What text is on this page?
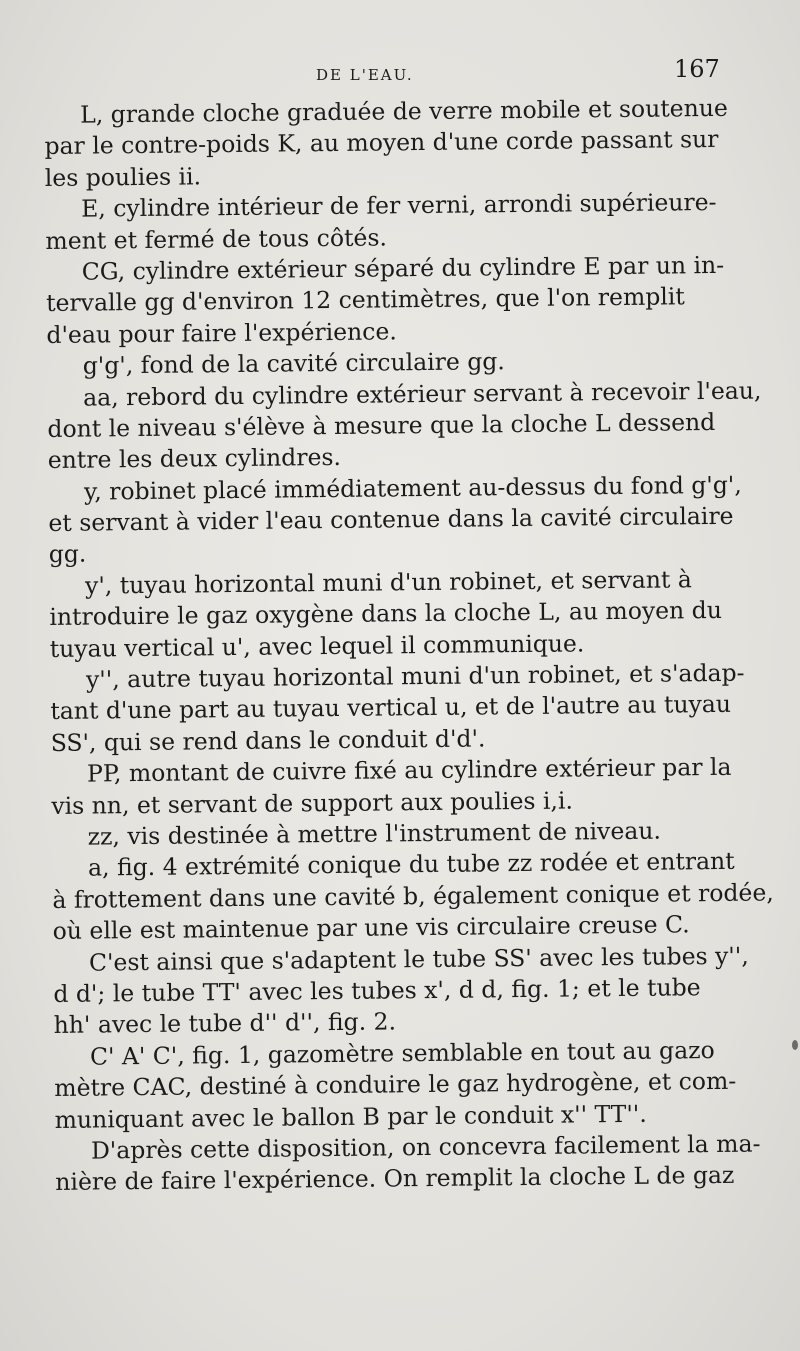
DE L'EAU.	167
L, grande cloche graduée de verre mobile et soutenue
par le contre-poids K, au moyen d'une corde passant sur
les poulies ii.
E, cylindre intérieur de fer verni, arrondi supérieure-
ment et fermé de tous côtés.
CG, cylindre extérieur séparé du cylindre E par un in-
tervalle gg d'environ 12 centimètres, que l'on remplit
d'eau pour faire l'expérience.
g'g', fond de la cavité circulaire gg.
aa, rebord du cylindre extérieur servant à recevoir l'eau,
dont le niveau s'élève à mesure que la cloche L dessend
entre les deux cylindres.
y, robinet placé immédiatement au-dessus du fond g'g',
et servant à vider l'eau contenue dans la cavité circulaire
gg.
y', tuyau horizontal muni d'un robinet, et servant à
introduire le gaz oxygène dans la cloche L, au moyen du
tuyau vertical u', avec lequel il communique.
y'', autre tuyau horizontal muni d'un robinet, et s'adap-
tant d'une part au tuyau vertical u, et de l'autre au tuyau
SS', qui se rend dans le conduit d'd'.
PP, montant de cuivre fixé au cylindre extérieur par la
vis nn, et servant de support aux poulies i,i.
zz, vis destinée à mettre l'instrument de niveau.
a, fig. 4 extrémité conique du tube zz rodée et entrant
à frottement dans une cavité b, également conique et rodée,
où elle est maintenue par une vis circulaire creuse C.
C'est ainsi que s'adaptent le tube SS' avec les tubes y'',
d d'; le tube TT' avec les tubes x', d d, fig. 1; et le tube
hh' avec le tube d'' d'', fig. 2.
C' A' C', fig. 1, gazomètre semblable en tout au gazo
mètre CAC, destiné à conduire le gaz hydrogène, et com-
muniquant avec le ballon B par le conduit x'' TT''.
D'après cette disposition, on concevra facilement la ma-
nière de faire l'expérience. On remplit la cloche L de gaz
